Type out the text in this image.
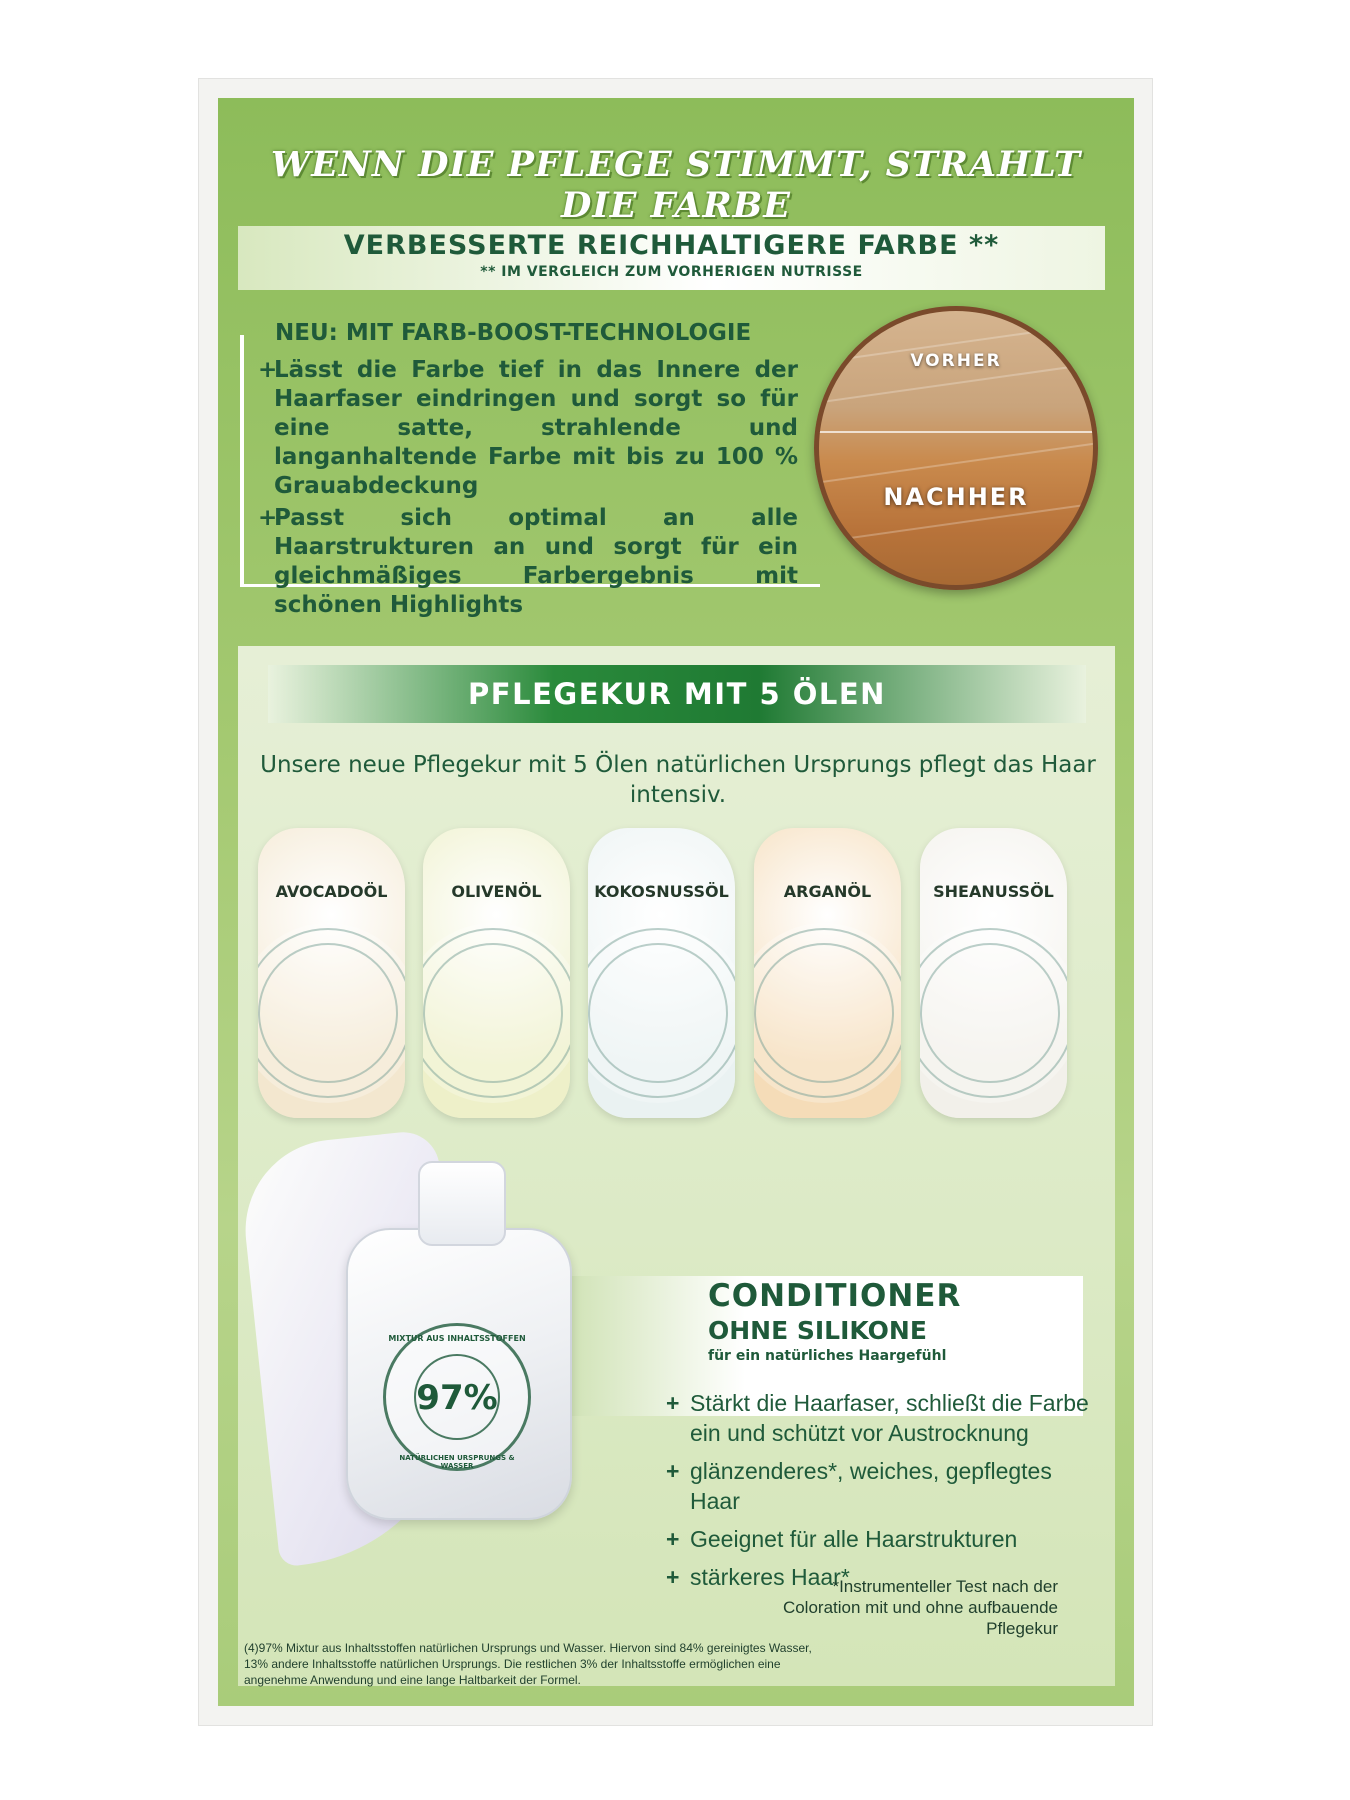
WENN DIE PFLEGE STIMMT, STRAHLT DIE FARBE
VERBESSERTE REICHHALTIGERE FARBE **
** IM VERGLEICH ZUM VORHERIGEN NUTRISSE
NEU: MIT FARB-BOOST-TECHNOLOGIE
+
Lässt die Farbe tief in das Innere der Haarfaser eindringen und sorgt so für eine satte, strahlende und langanhaltende Farbe mit bis zu 100 % Grauabdeckung
+
Passt sich optimal an alle Haarstrukturen an und sorgt für ein gleichmäßiges Farbergebnis mit schönen Highlights
VORHER
NACHHER
PFLEGEKUR MIT 5 ÖLEN
Unsere neue Pflegekur mit 5 Ölen natürlichen Ursprungs pflegt das Haar intensiv.
AVOCADOÖL	OLIVENÖL	KOKOSNUSSÖL	ARGANÖL	SHEANUSSÖL
MIXTUR AUS INHALTSSTOFFEN
97%
NATÜRLICHEN URSPRUNGS & WASSER
CONDITIONER
OHNE SILIKONE
für ein natürliches Haargefühl
+ Stärkt die Haarfaser, schließt die Farbe ein und schützt vor Austrocknung
+ glänzenderes*, weiches, gepflegtes Haar
+ Geeignet für alle Haarstrukturen
+ stärkeres Haar*
*Instrumenteller Test nach der Coloration mit und ohne aufbauende Pflegekur
(4)97% Mixtur aus Inhaltsstoffen natürlichen Ursprungs und Wasser. Hiervon sind 84% gereinigtes Wasser, 13% andere Inhaltsstoffe natürlichen Ursprungs. Die restlichen 3% der Inhaltsstoffe ermöglichen eine angenehme Anwendung und eine lange Haltbarkeit der Formel.
